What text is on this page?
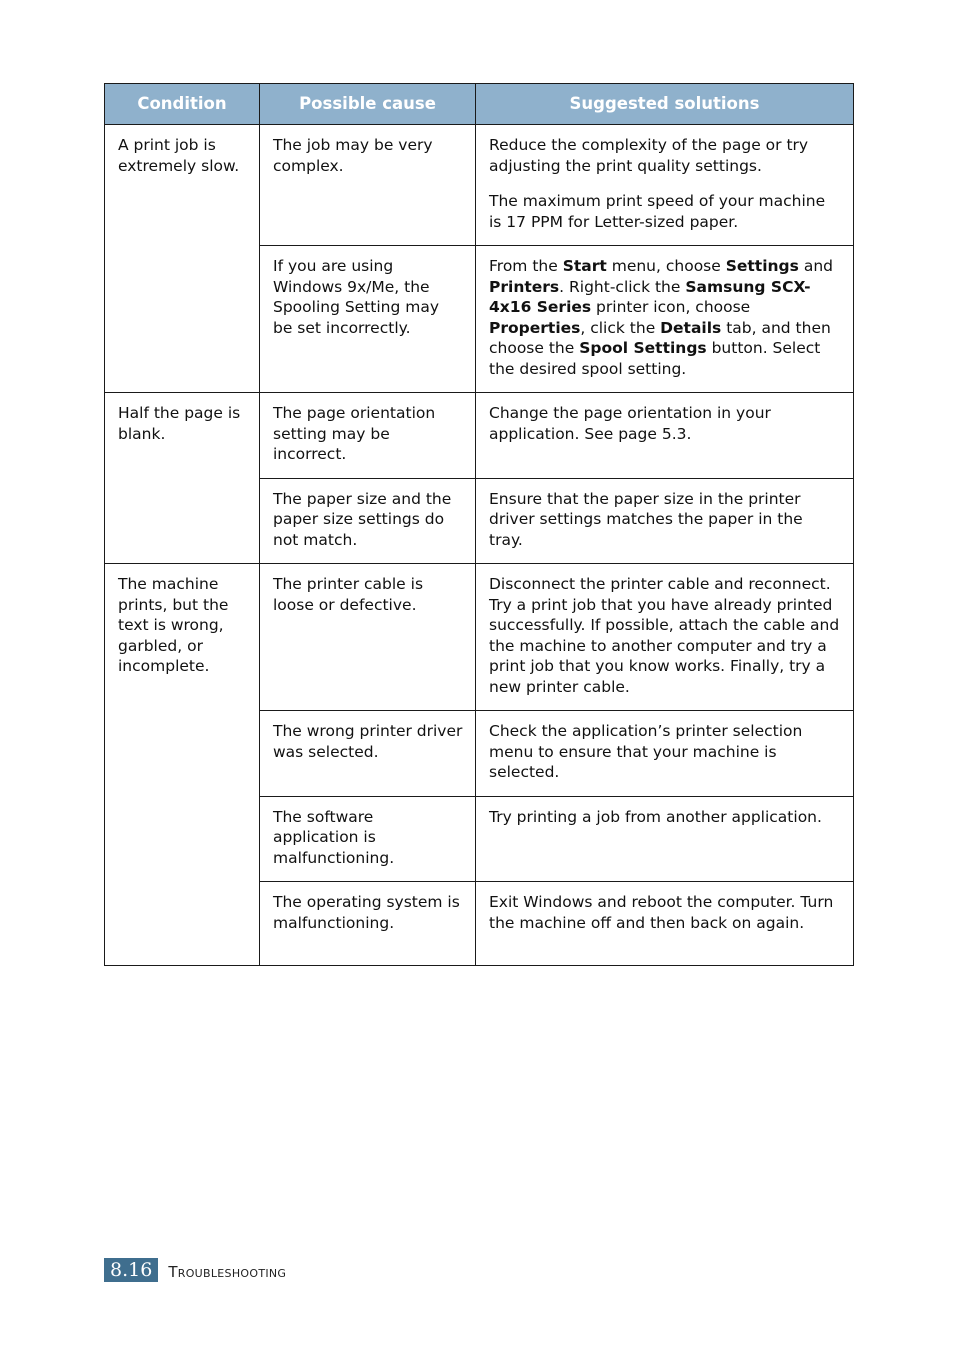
Condition	Possible cause	Suggested solutions
A print job is extremely slow.	The job may be very complex.	Reduce the complexity of the page or try adjusting the print quality settings.

The maximum print speed of your machine is 17 PPM for Letter-sized paper.

	If you are using Windows 9x/Me, the Spooling Setting may be set incorrectly.	From the Start menu, choose Settings and Printers. Right-click the Samsung SCX-4x16 Series printer icon, choose Properties, click the Details tab, and then choose the Spool Settings button. Select the desired spool setting.

Half the page is blank.	The page orientation setting may be incorrect.	Change the page orientation in your application. See page 5.3.
	The paper size and the paper size settings do not match.	Ensure that the paper size in the printer driver settings matches the paper in the tray.
The machine prints, but the text is wrong, garbled, or incomplete.	The printer cable is loose or defective.	Disconnect the printer cable and reconnect. Try a print job that you have already printed successfully. If possible, attach the cable and the machine to another computer and try a print job that you know works. Finally, try a new printer cable.
	The wrong printer driver was selected.	Check the application’s printer selection menu to ensure that your machine is selected.
	The software application is malfunctioning.	Try printing a job from another application.
	The operating system is malfunctioning.	Exit Windows and reboot the computer. Turn the machine off and then back on again.
8.16	Troubleshooting
